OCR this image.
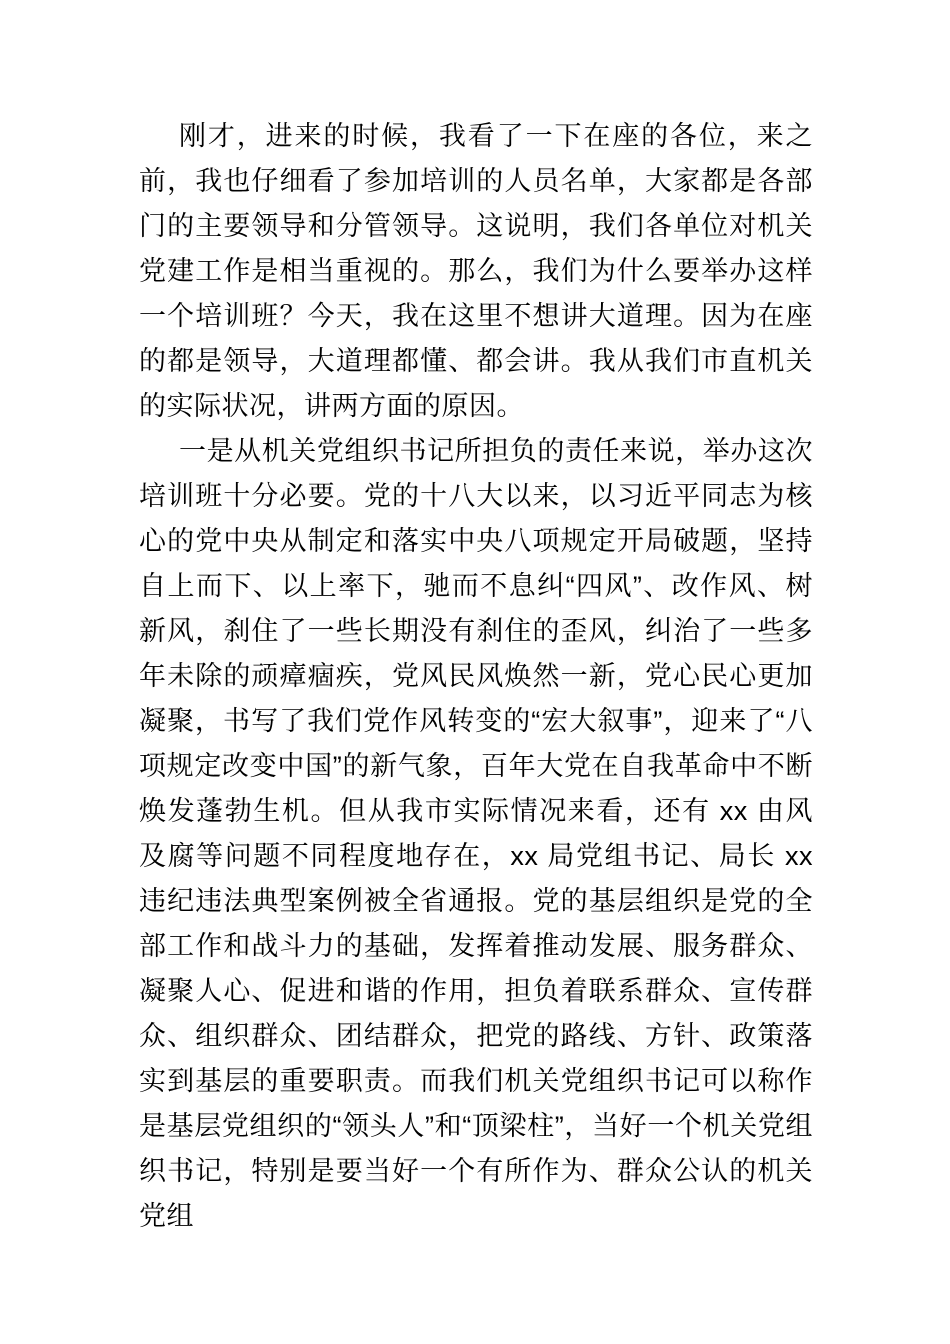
刚才，进来的时候，我看了一下在座的各位，来之前，我也仔细看了参加培训的人员名单，大家都是各部门的主要领导和分管领导。这说明，我们各单位对机关党建工作是相当重视的。那么，我们为什么要举办这样一个培训班？今天，我在这里不想讲大道理。因为在座的都是领导，大道理都懂、都会讲。我从我们市直机关的实际状况，讲两方面的原因。

一是从机关党组织书记所担负的责任来说，举办这次培训班十分必要。党的十八大以来，以习近平同志为核心的党中央从制定和落实中央八项规定开局破题，坚持自上而下、以上率下，驰而不息纠“四风”、改作风、树新风，刹住了一些长期没有刹住的歪风，纠治了一些多年未除的顽瘴痼疾，党风民风焕然一新，党心民心更加凝聚，书写了我们党作风转变的“宏大叙事”，迎来了“八项规定改变中国”的新气象，百年大党在自我革命中不断焕发蓬勃生机。但从我市实际情况来看，还有 xx 由风及腐等问题不同程度地存在，xx 局党组书记、局长 xx 违纪违法典型案例被全省通报。党的基层组织是党的全部工作和战斗力的基础，发挥着推动发展、服务群众、凝聚人心、促进和谐的作用，担负着联系群众、宣传群众、组织群众、团结群众，把党的路线、方针、政策落实到基层的重要职责。而我们机关党组织书记可以称作是基层党组织的“领头人”和“顶梁柱”，当好一个机关党组织书记，特别是要当好一个有所作为、群众公认的机关党组
